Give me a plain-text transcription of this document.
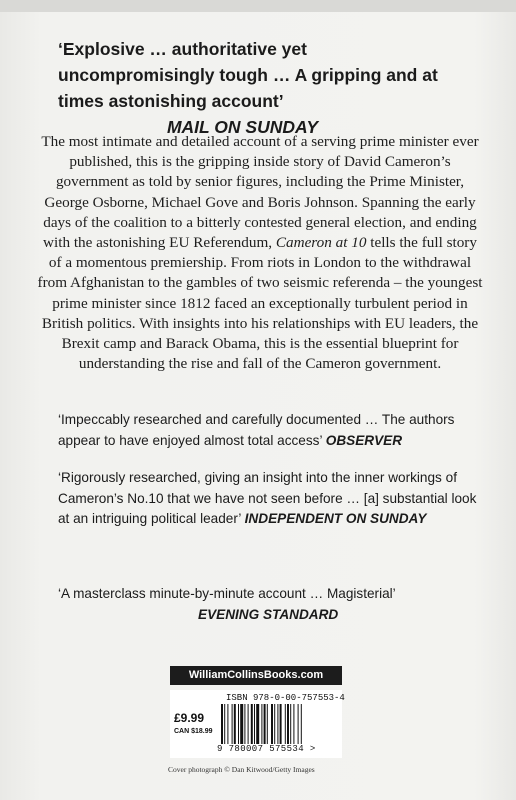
‘Explosive … authoritative yet uncompromisingly tough … A gripping and at times astonishing account’
MAIL ON SUNDAY

The most intimate and detailed account of a serving prime minister ever published, this is the gripping inside story of David Cameron’s government as told by senior figures, including the Prime Minister, George Osborne, Michael Gove and Boris Johnson. Spanning the early days of the coalition to a bitterly contested general election, and ending with the astonishing EU Referendum, Cameron at 10 tells the full story of a momentous premiership. From riots in London to the withdrawal from Afghanistan to the gambles of two seismic referenda – the youngest prime minister since 1812 faced an exceptionally turbulent period in British politics. With insights into his relationships with EU leaders, the Brexit camp and Barack Obama, this is the essential blueprint for understanding the rise and fall of the Cameron government.

‘Impeccably researched and carefully documented … The authors appear to have enjoyed almost total access’ OBSERVER
‘Rigorously researched, giving an insight into the inner workings of Cameron’s No.10 that we have not seen before … [a] substantial look at an intriguing political leader’ INDEPENDENT ON SUNDAY
‘A masterclass minute-by-minute account … Magisterial’
EVENING STANDARD
WilliamCollinsBooks.com
ISBN 978-0-00-757553-4
£9.99
CAN $18.99
9 780007 575534 >
Cover photograph © Dan Kitwood/Getty Images
